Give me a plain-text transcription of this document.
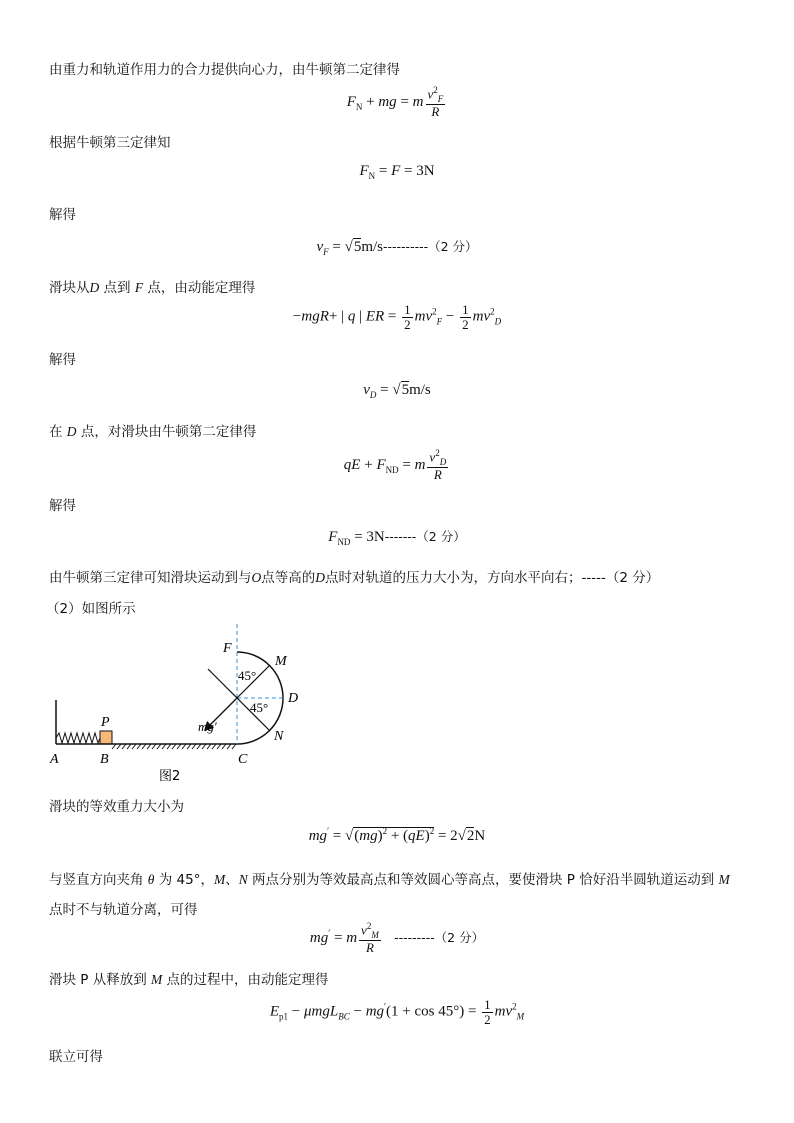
由重力和轨道作用力的合力提供向心力，由牛顿第二定律得
$F_N$ + mg = m $\frac{v^2_F}{R}$
根据牛顿第三定律知
$F_N = F = 3N$
解得
$v_F = √5m/s----------(2$ 分）
滑块从D 点到 F 点，由动能定理得
−mgR+ | q | ER = $\frac{1}{2} mv^2_F - \frac{1}{2} mv^2_D$
解得
$v_D = √5m/s$
在 D 点，对滑块由牛顿第二定律得
qE + $F_{ND} = m \frac{v^2_D}{R}$
解得
$F_{ND} = 3N-------(2$ 分）
由牛顿第三定律可知滑块运动到与O点等高的D点时对轨道的压力大小为，方向水平向右；-----（2 分）
（2）如图所示
F
M
D
N
45°
45°
mg′
P
A	B	C
图2
滑块的等效重力大小为
mg′ = √(mg)$^2$ + (qE)$^2$ = 2√2N
与竖直方向夹角 θ 为 45°，M、N 两点分别为等效最高点和等效圆心等高点，要使滑块 P 恰好沿半圆轨道运动到 M
点时不与轨道分离，可得
mg′ = m $\frac{v^2_M}{R} ---------(2$ 分）
滑块 P 从释放到 M 点的过程中，由动能定理得
$E_{p1} - \mu mgL_{BC} - mg'(1 + \cos 45^\circ) = \frac{1}{2} mv^2_M$
联立可得
